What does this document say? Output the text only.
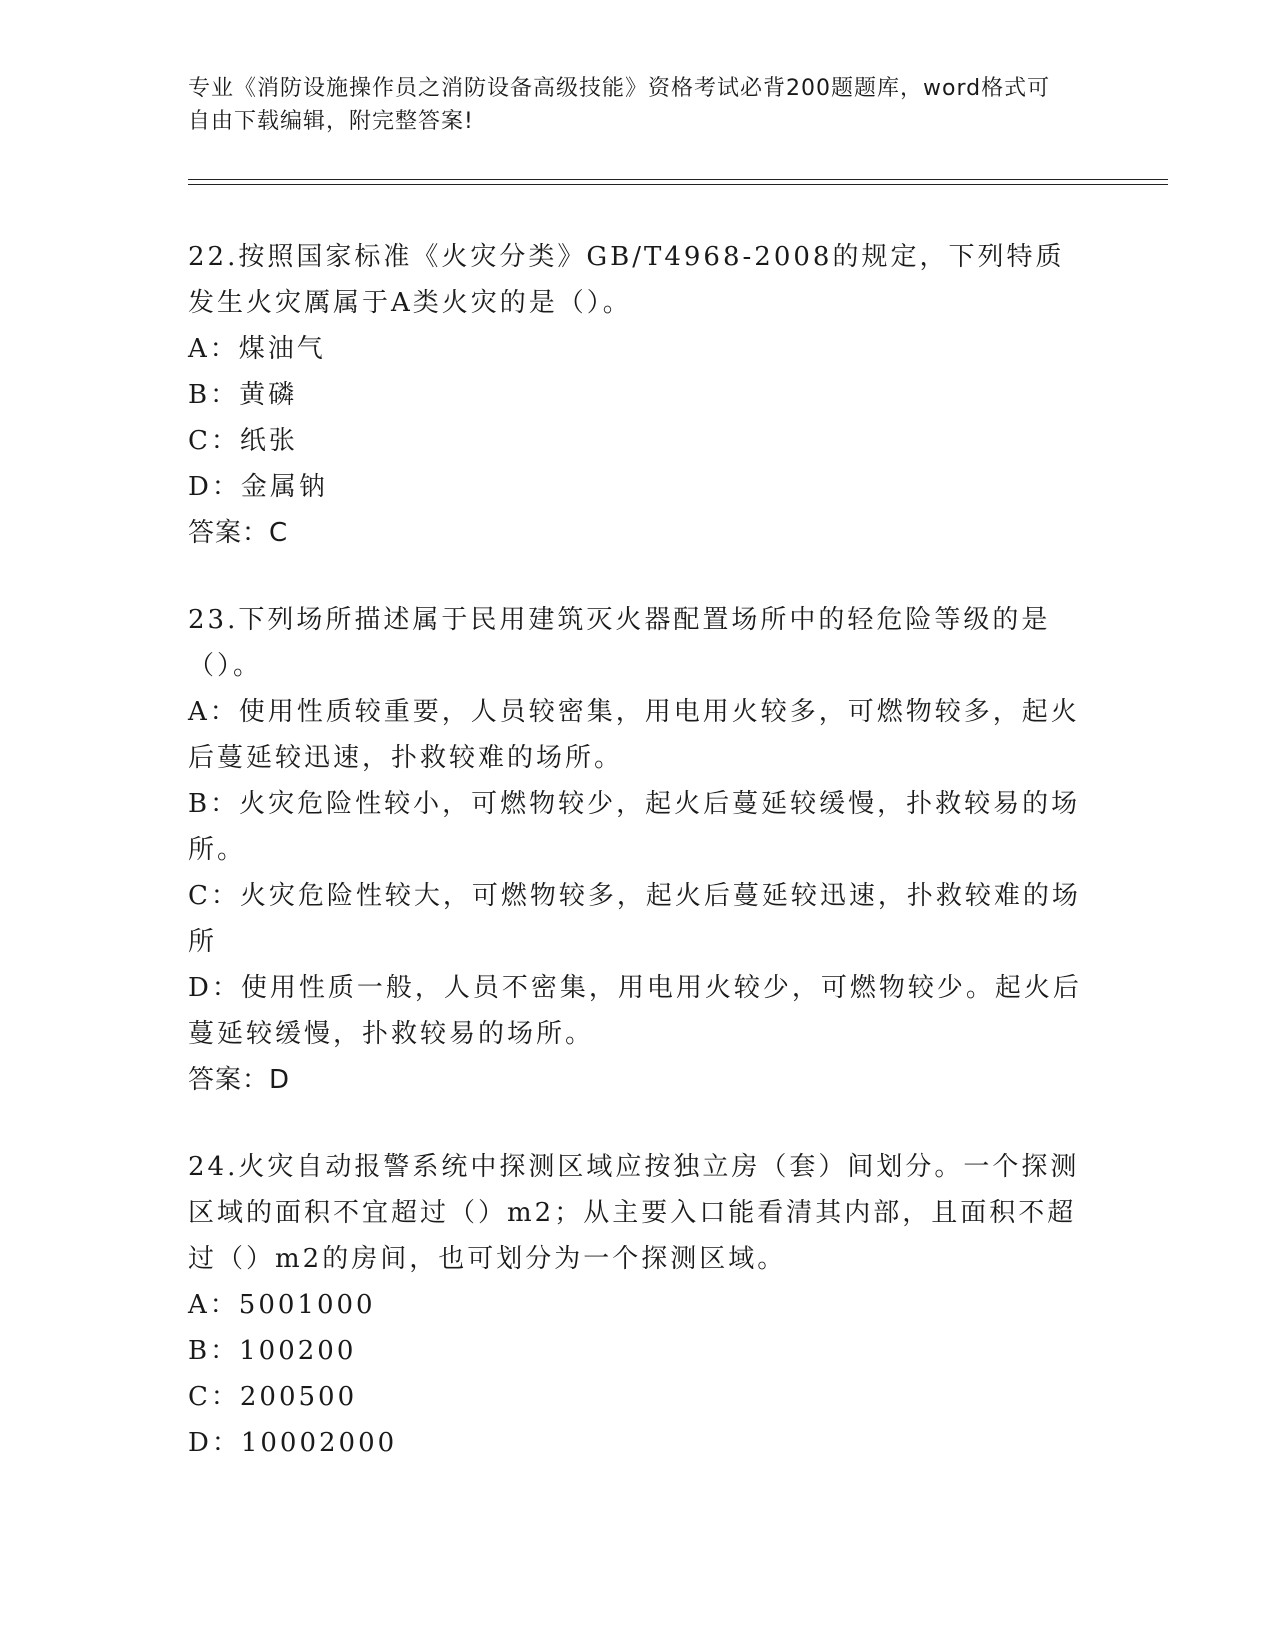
专业《消防设施操作员之消防设备高级技能》资格考试必背200题题库，word格式可自由下载编辑，附完整答案!

22.按照国家标准《火灾分类》GB/T4968-2008的规定，下列特质发生火灾厲属于A类火灾的是（）。

A：煤油气

B：黄磷

C：纸张

D：金属钠

答案：C

23.下列场所描述属于民用建筑灭火器配置场所中的轻危险等级的是（）。

A：使用性质较重要，人员较密集，用电用火较多，可燃物较多，起火后蔓延较迅速，扑救较难的场所。

B：火灾危险性较小，可燃物较少，起火后蔓延较缓慢，扑救较易的场所。

C：火灾危险性较大，可燃物较多，起火后蔓延较迅速，扑救较难的场所

D：使用性质一般，人员不密集，用电用火较少，可燃物较少。起火后蔓延较缓慢，扑救较易的场所。

答案：D

24.火灾自动报警系统中探测区域应按独立房（套）间划分。一个探测区域的面积不宜超过（）m2；从主要入口能看清其内部，且面积不超过（）m2的房间，也可划分为一个探测区域。

A：5001000

B：100200

C：200500

D：10002000
